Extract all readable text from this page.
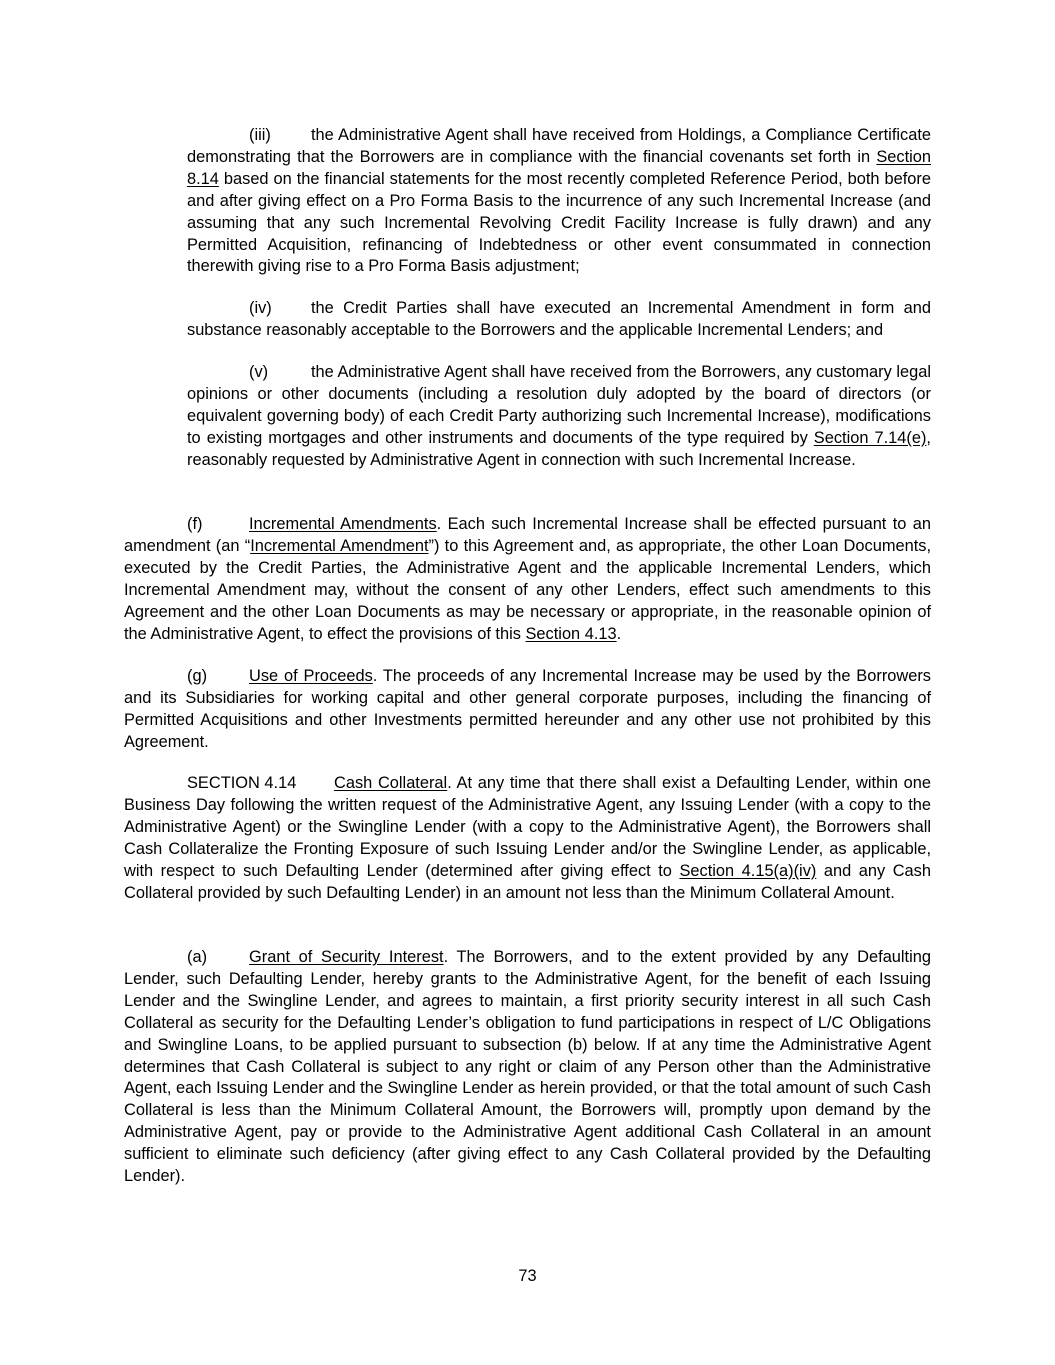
(iii) the Administrative Agent shall have received from Holdings, a Compliance Certificate demonstrating that the Borrowers are in compliance with the financial covenants set forth in Section 8.14 based on the financial statements for the most recently completed Reference Period, both before and after giving effect on a Pro Forma Basis to the incurrence of any such Incremental Increase (and assuming that any such Incremental Revolving Credit Facility Increase is fully drawn) and any Permitted Acquisition, refinancing of Indebtedness or other event consummated in connection therewith giving rise to a Pro Forma Basis adjustment;

(iv) the Credit Parties shall have executed an Incremental Amendment in form and substance reasonably acceptable to the Borrowers and the applicable Incremental Lenders; and

(v)	the Administrative Agent shall have received from the Borrowers, any customary legal opinions or other documents (including a resolution duly adopted by the board of directors (or equivalent governing body) of each Credit Party authorizing such Incremental Increase), modifications to existing mortgages and other instruments and documents of the type required by Section 7.14(e), reasonably requested by Administrative Agent in connection with such Incremental Increase.

(f)	Incremental Amendments. Each such Incremental Increase shall be effected pursuant to an amendment (an “Incremental Amendment”) to this Agreement and, as appropriate, the other Loan Documents, executed by the Credit Parties, the Administrative Agent and the applicable Incremental Lenders, which Incremental Amendment may, without the consent of any other Lenders, effect such amendments to this Agreement and the other Loan Documents as may be necessary or appropriate, in the reasonable opinion of the Administrative Agent, to effect the provisions of this Section 4.13.

(g)	Use of Proceeds. The proceeds of any Incremental Increase may be used by the Borrowers and its Subsidiaries for working capital and other general corporate purposes, including the financing of Permitted Acquisitions and other Investments permitted hereunder and any other use not prohibited by this Agreement.

SECTION 4.14 Cash Collateral. At any time that there shall exist a Defaulting Lender, within one Business Day following the written request of the Administrative Agent, any Issuing Lender (with a copy to the Administrative Agent) or the Swingline Lender (with a copy to the Administrative Agent), the Borrowers shall Cash Collateralize the Fronting Exposure of such Issuing Lender and/or the Swingline Lender, as applicable, with respect to such Defaulting Lender (determined after giving effect to Section 4.15(a)(iv) and any Cash Collateral provided by such Defaulting Lender) in an amount not less than the Minimum Collateral Amount.

(a)	Grant of Security Interest. The Borrowers, and to the extent provided by any Defaulting Lender, such Defaulting Lender, hereby grants to the Administrative Agent, for the benefit of each Issuing Lender and the Swingline Lender, and agrees to maintain, a first priority security interest in all such Cash Collateral as security for the Defaulting Lender’s obligation to fund participations in respect of L/C Obligations and Swingline Loans, to be applied pursuant to subsection (b) below. If at any time the Administrative Agent determines that Cash Collateral is subject to any right or claim of any Person other than the Administrative Agent, each Issuing Lender and the Swingline Lender as herein provided, or that the total amount of such Cash Collateral is less than the Minimum Collateral Amount, the Borrowers will, promptly upon demand by the Administrative Agent, pay or provide to the Administrative Agent additional Cash Collateral in an amount sufficient to eliminate such deficiency (after giving effect to any Cash Collateral provided by the Defaulting Lender).

73
